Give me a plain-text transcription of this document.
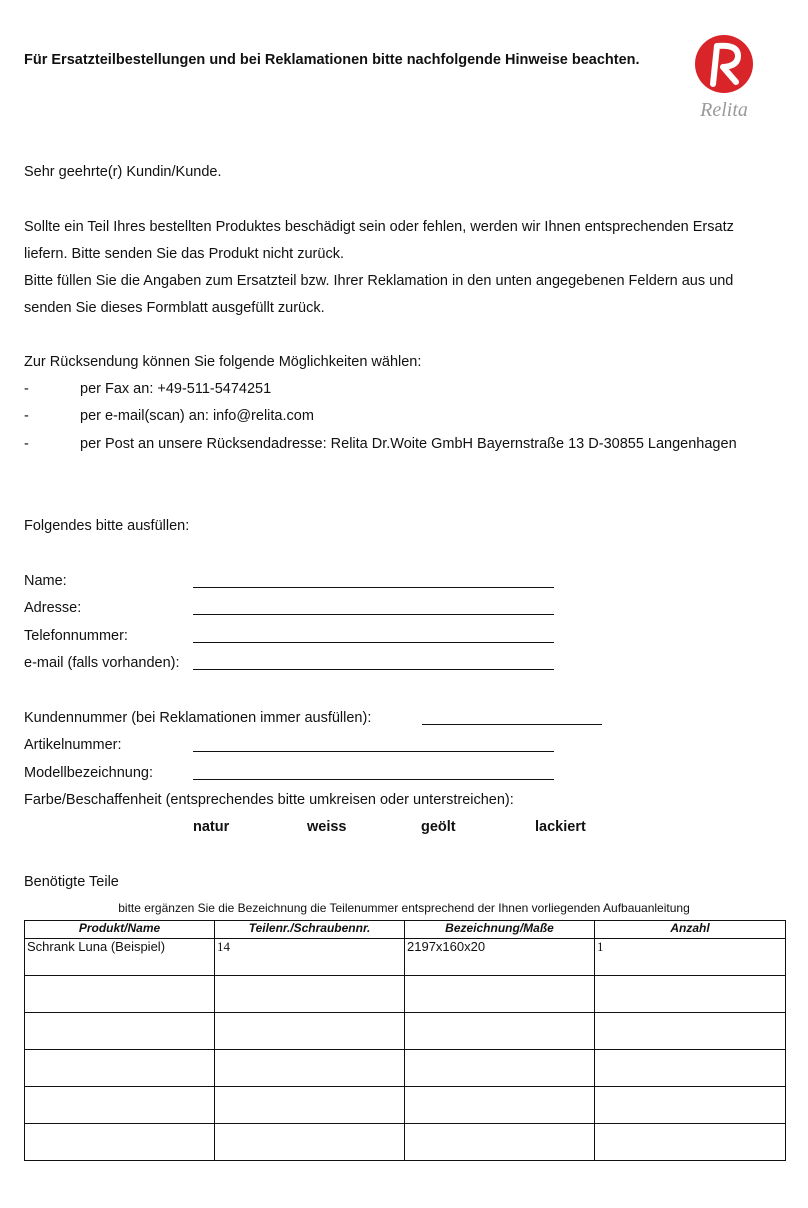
Für Ersatzteilbestellungen und bei Reklamationen bitte nachfolgende Hinweise beachten.
Relita
Sehr geehrte(r) Kundin/Kunde.
Sollte ein Teil Ihres bestellten Produktes beschädigt sein oder fehlen, werden wir Ihnen entsprechenden Ersatz
liefern. Bitte senden Sie das Produkt nicht zurück.
Bitte füllen Sie die Angaben zum Ersatzteil bzw. Ihrer Reklamation in den unten angegebenen Feldern aus und
senden Sie dieses Formblatt ausgefüllt zurück.
Zur Rücksendung können Sie folgende Möglichkeiten wählen:
-	per Fax an: +49-511-5474251
-	per e-mail(scan) an: info@relita.com
-	per Post an unsere Rücksendadresse: Relita Dr.Woite GmbH Bayernstraße 13 D-30855 Langenhagen
Folgendes bitte ausfüllen:
Name:
Adresse:
Telefonnummer:
e-mail (falls vorhanden):
Kundennummer (bei Reklamationen immer ausfüllen):
Artikelnummer:
Modellbezeichnung:
Farbe/Beschaffenheit (entsprechendes bitte umkreisen oder unterstreichen):
natur	weiss	geölt	lackiert
Benötigte Teile
bitte ergänzen Sie die Bezeichnung die Teilenummer entsprechend der Ihnen vorliegenden Aufbauanleitung
Produkt/Name	Teilenr./Schraubennr.	Bezeichnung/Maße	Anzahl
Schrank Luna (Beispiel)	14	2197x160x20	1
